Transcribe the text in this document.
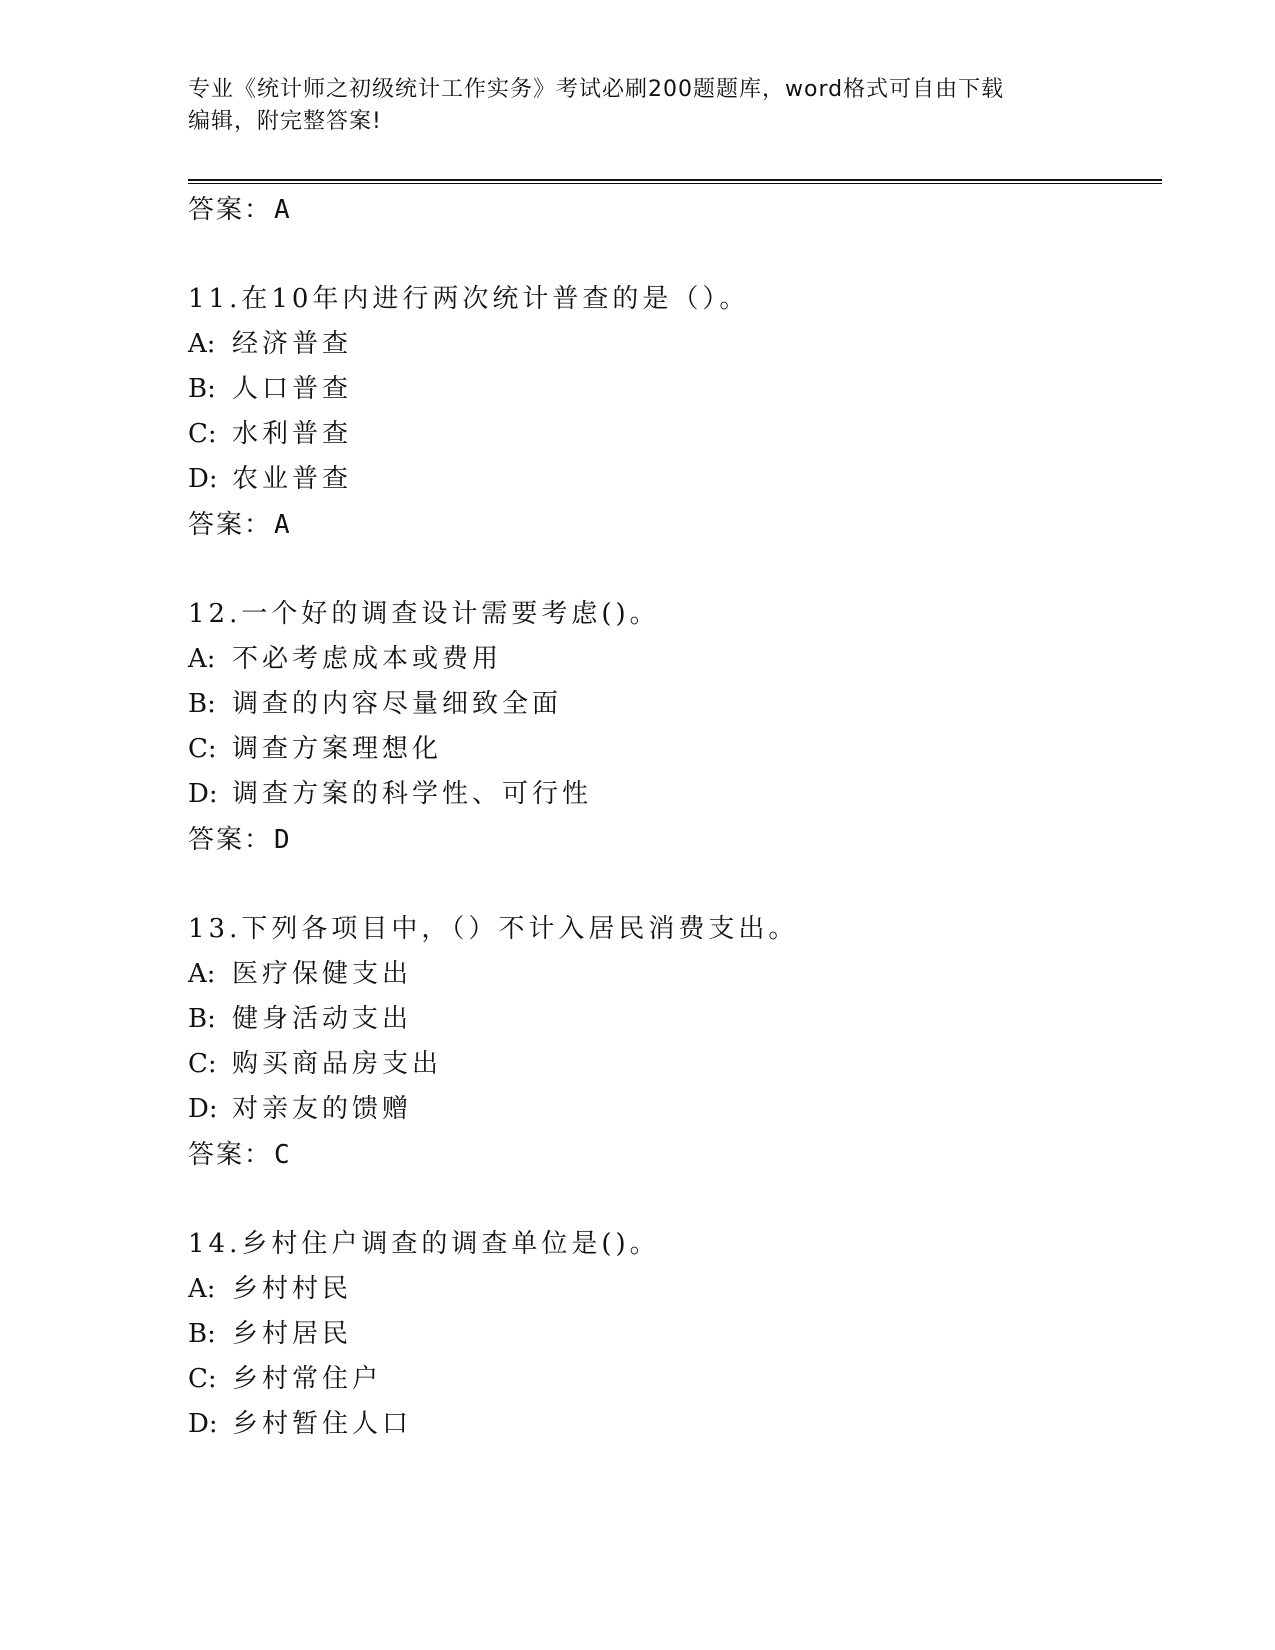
专业《统计师之初级统计工作实务》考试必刷200题题库，word格式可自由下载
编辑，附完整答案!
答案：A
11.在10年内进行两次统计普查的是（）。
A: 经济普查
B: 人口普查
C: 水利普查
D: 农业普查
答案：A
12.一个好的调查设计需要考虑()。
A: 不必考虑成本或费用
B: 调查的内容尽量细致全面
C: 调查方案理想化
D: 调查方案的科学性、可行性
答案：D
13.下列各项目中，（）不计入居民消费支出。
A: 医疗保健支出
B: 健身活动支出
C: 购买商品房支出
D: 对亲友的馈赠
答案：C
14.乡村住户调查的调查单位是()。
A: 乡村村民
B: 乡村居民
C: 乡村常住户
D: 乡村暂住人口
